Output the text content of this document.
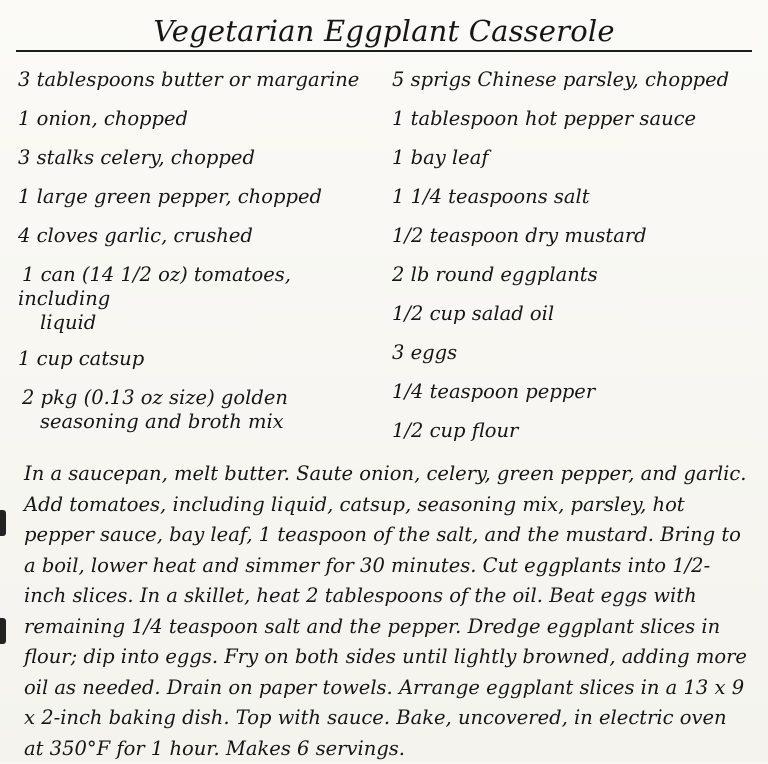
Vegetarian Eggplant Casserole
3 tablespoons butter or margarine
1 onion, chopped
3 stalks celery, chopped
1 large green pepper, chopped
4 cloves garlic, crushed
1 can (14 1/2 oz) tomatoes, including
liquid
1 cup catsup
2 pkg (0.13 oz size) golden
seasoning and broth mix
5 sprigs Chinese parsley, chopped
1 tablespoon hot pepper sauce
1 bay leaf
1 1/4 teaspoons salt
1/2 teaspoon dry mustard
2 lb round eggplants
1/2 cup salad oil
3 eggs
1/4 teaspoon pepper
1/2 cup flour

In a saucepan, melt butter. Saute onion, celery, green pepper, and garlic. Add tomatoes, including liquid, catsup, seasoning mix, parsley, hot pepper sauce, bay leaf, 1 teaspoon of the salt, and the mustard. Bring to a boil, lower heat and simmer for 30 minutes. Cut eggplants into 1/2-inch slices. In a skillet, heat 2 tablespoons of the oil. Beat eggs with remaining 1/4 teaspoon salt and the pepper. Dredge eggplant slices in flour; dip into eggs. Fry on both sides until lightly browned, adding more oil as needed. Drain on paper towels. Arrange eggplant slices in a 13 x 9 x 2-inch baking dish. Top with sauce. Bake, uncovered, in electric oven at 350°F for 1 hour. Makes 6 servings.
